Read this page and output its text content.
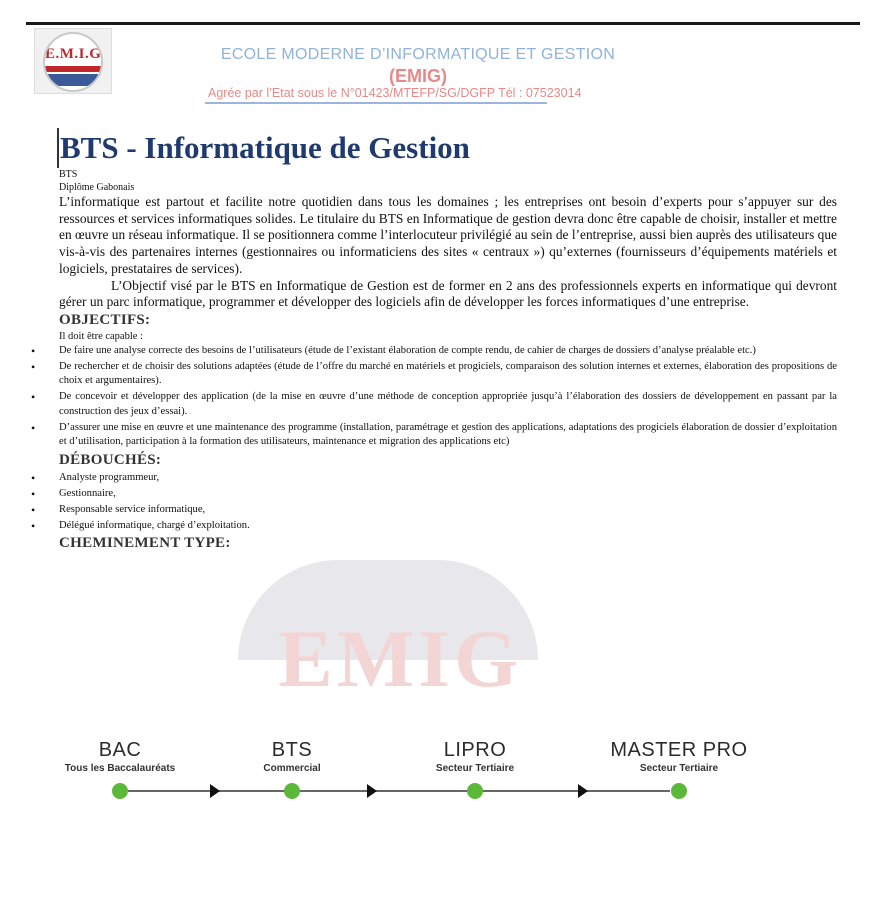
E.M.I.G	ECOLE MODERNE D’INFORMATIQUE ET GESTION
(EMIG)
Agrée par l’Etat sous le N°01423/MTEFP/SG/DGFP Tél : 07523014
EMIG
BTS - Informatique de Gestion
BTS
Diplôme Gabonais

L’informatique est partout et facilite notre quotidien dans tous les domaines ; les entreprises ont besoin d’experts pour s’appuyer sur des ressources et services informatiques solides. Le titulaire du BTS en Informatique de gestion devra donc être capable de choisir, installer et mettre en œuvre un réseau informatique. Il se positionnera comme l’interlocuteur privilégié au sein de l’entreprise, aussi bien auprès des utilisateurs que vis-à-vis des partenaires internes (gestionnaires ou informaticiens des sites « centraux ») qu’externes (fournisseurs d’équipements matériels et logiciels, prestataires de services).

L’Objectif visé par le BTS en Informatique de Gestion est de former en 2 ans des professionnels experts en informatique qui devront gérer un parc informatique, programmer et développer des logiciels afin de développer les forces informatiques d’une entreprise.

OBJECTIFS:

Il doit être capable :

• De faire une analyse correcte des besoins de l’utilisateurs (étude de l’existant élaboration de compte rendu, de cahier de charges de dossiers d’analyse préalable etc.)
• De rechercher et de choisir des solutions adaptées (étude de l’offre du marché en matériels et progiciels, comparaison des solution internes et externes, élaboration des propositions de choix et argumentaires).
• De concevoir et développer des application (de la mise en œuvre d’une méthode de conception appropriée jusqu’à l’élaboration des dossiers de développement en passant par la construction des jeux d’essai).
• D’assurer une mise en œuvre et une maintenance des programme (installation, paramétrage et gestion des applications, adaptations des progiciels élaboration de dossier d’exploitation et d’utilisation, participation à la formation des utilisateurs, maintenance et migration des applications etc)
DÉBOUCHÉS:
• Analyste programmeur,
• Gestionnaire,
• Responsable service informatique,
• Délégué informatique, chargé d’exploitation.
CHEMINEMENT TYPE:
BAC
Tous les Baccalauréats
BTS
Commercial
LIPRO
Secteur Tertiaire
MASTER PRO
Secteur Tertiaire
